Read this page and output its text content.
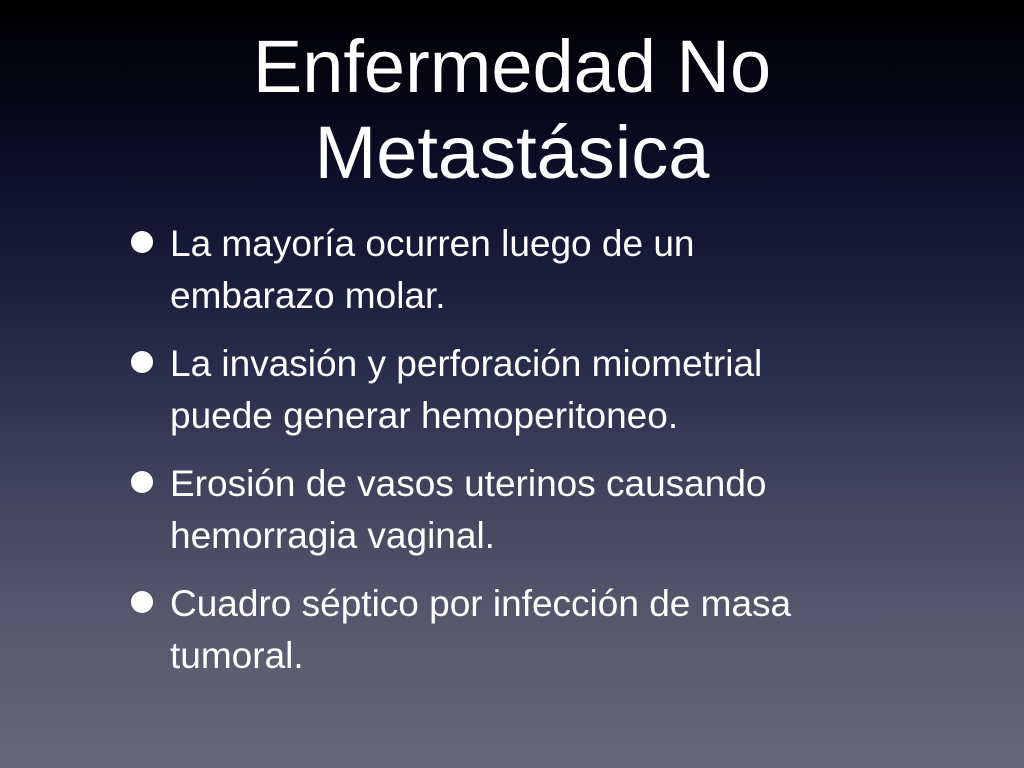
Enfermedad No
Metastásica
La mayoría ocurren luego de un
embarazo molar.
La invasión y perforación miometrial
puede generar hemoperitoneo.
Erosión de vasos uterinos causando
hemorragia vaginal.
Cuadro séptico por infección de masa
tumoral.
